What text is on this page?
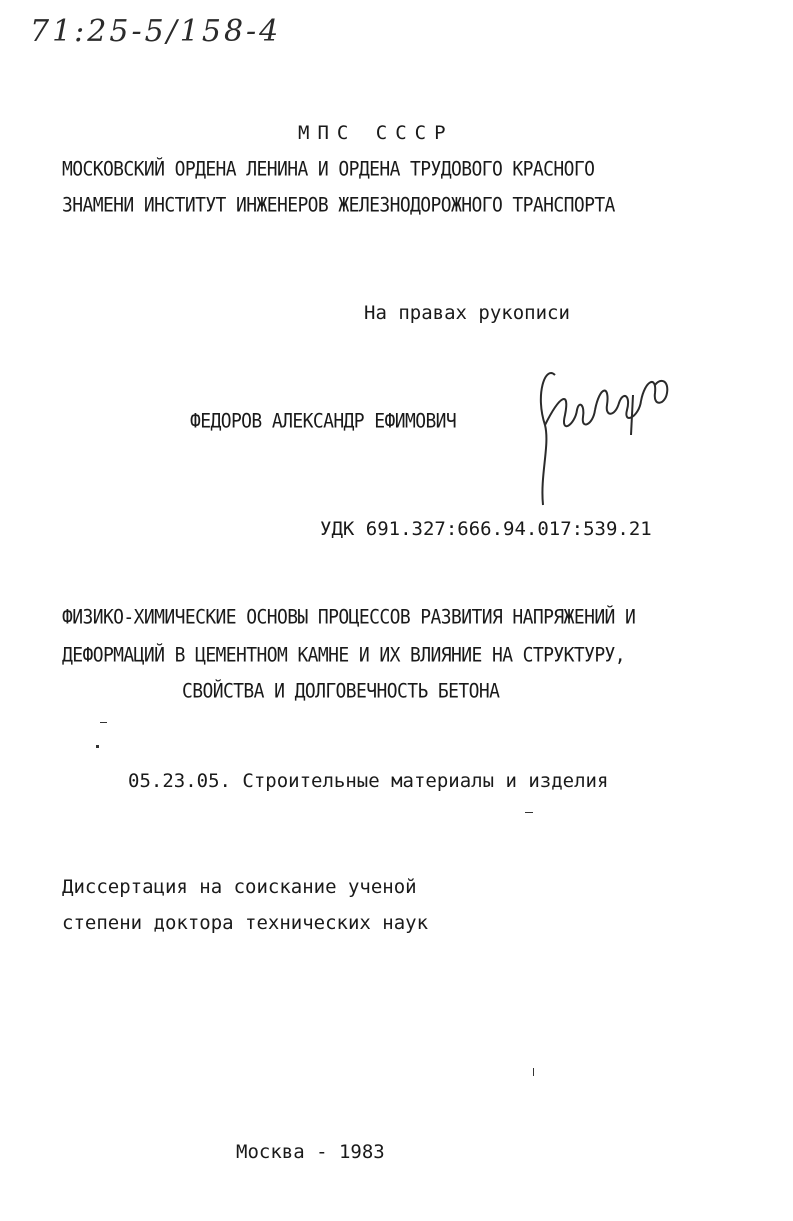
71:25-5/158-4
МПС СССР
МОСКОВСКИЙ ОРДЕНА ЛЕНИНА И ОРДЕНА ТРУДОВОГО КРАСНОГО
ЗНАМЕНИ ИНСТИТУТ ИНЖЕНЕРОВ ЖЕЛЕЗНОДОРОЖНОГО ТРАНСПОРТА
На правах рукописи
ФЕДОРОВ АЛЕКСАНДР ЕФИМОВИЧ
УДК 691.327:666.94.017:539.21
ФИЗИКО-ХИМИЧЕСКИЕ ОСНОВЫ ПРОЦЕССОВ РАЗВИТИЯ НАПРЯЖЕНИЙ И
ДЕФОРМАЦИЙ В ЦЕМЕНТНОМ КАМНЕ И ИХ ВЛИЯНИЕ НА СТРУКТУРУ,
СВОЙСТВА И ДОЛГОВЕЧНОСТЬ БЕТОНА
05.23.05. Строительные материалы и изделия
Диссертация на соискание ученой
степени доктора технических наук
Москва - 1983
